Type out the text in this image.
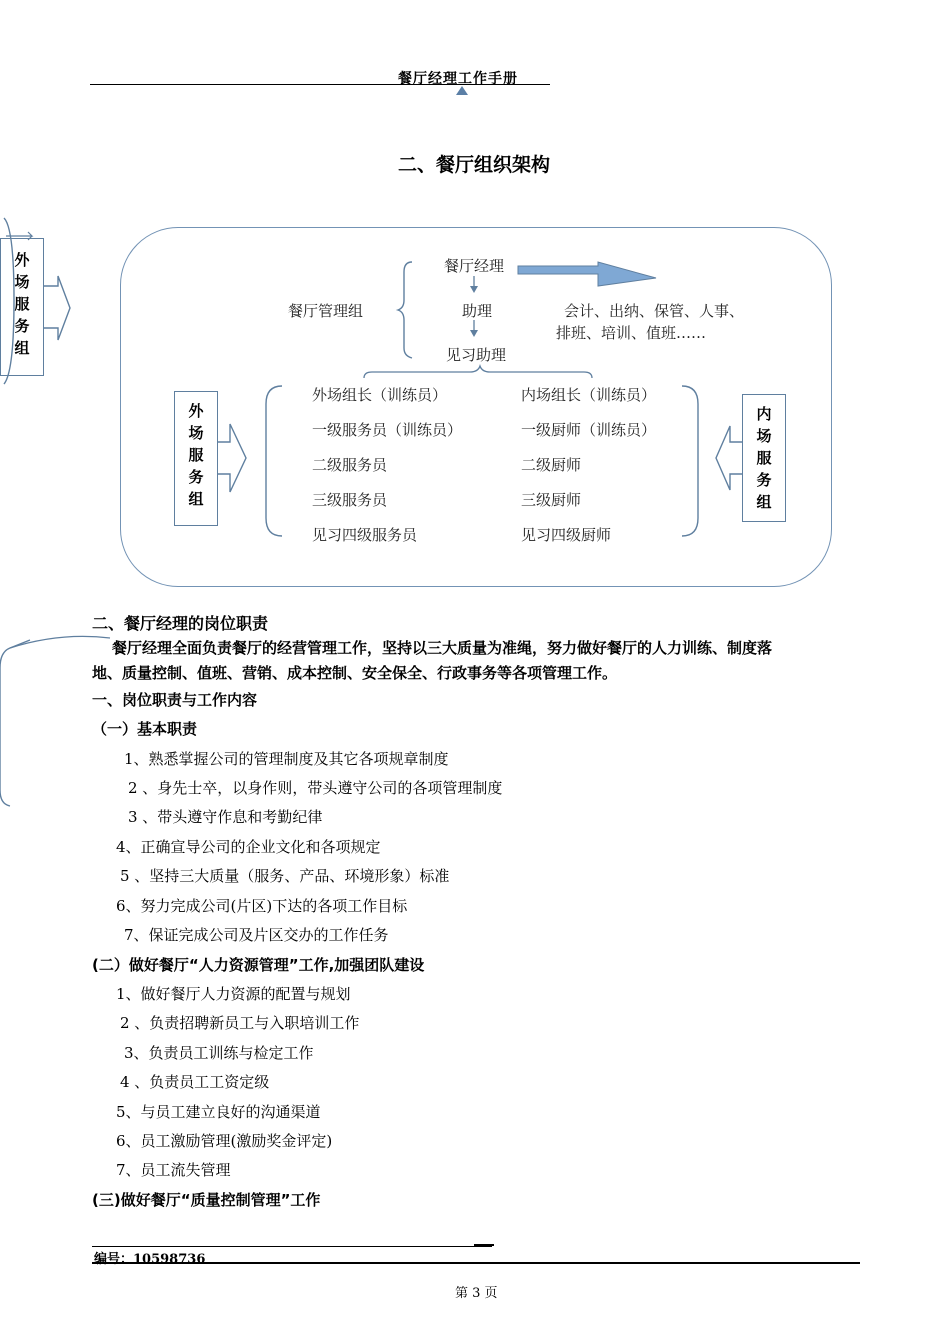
餐厅经理工作手册
二、餐厅组织架构
外
场
服
务
组
餐厅经理
餐厅管理组	助理	会计、出纳、保管、人事、
排班、培训、值班……
见习助理
外
场
服
务
组
内
场
服
务
组
外场组长（训练员）
一级服务员（训练员）
二级服务员
三级服务员
见习四级服务员
内场组长（训练员）
一级厨师（训练员）
二级厨师
三级厨师
见习四级厨师
二、餐厅经理的岗位职责
餐厅经理全面负责餐厅的经营管理工作，坚持以三大质量为准绳，努力做好餐厅的人力训练、制度落
地、质量控制、值班、营销、成本控制、安全保全、行政事务等各项管理工作。
一、岗位职责与工作内容
（一）基本职责
1、熟悉掌握公司的管理制度及其它各项规章制度
2 、身先士卒，以身作则，带头遵守公司的各项管理制度
3 、带头遵守作息和考勤纪律
4、正确宣导公司的企业文化和各项规定
5 、坚持三大质量（服务、产品、环境形象）标准
6、努力完成公司(片区)下达的各项工作目标
7、保证完成公司及片区交办的工作任务
(二）做好餐厅“人力资源管理”工作,加强团队建设
1、做好餐厅人力资源的配置与规划
2 、负责招聘新员工与入职培训工作
3、负责员工训练与检定工作
4 、负责员工工资定级
5、与员工建立良好的沟通渠道
6、员工激励管理(激励奖金评定)
7、员工流失管理
(三)做好餐厅“质量控制管理”工作
编号：10598736
第 3 页
